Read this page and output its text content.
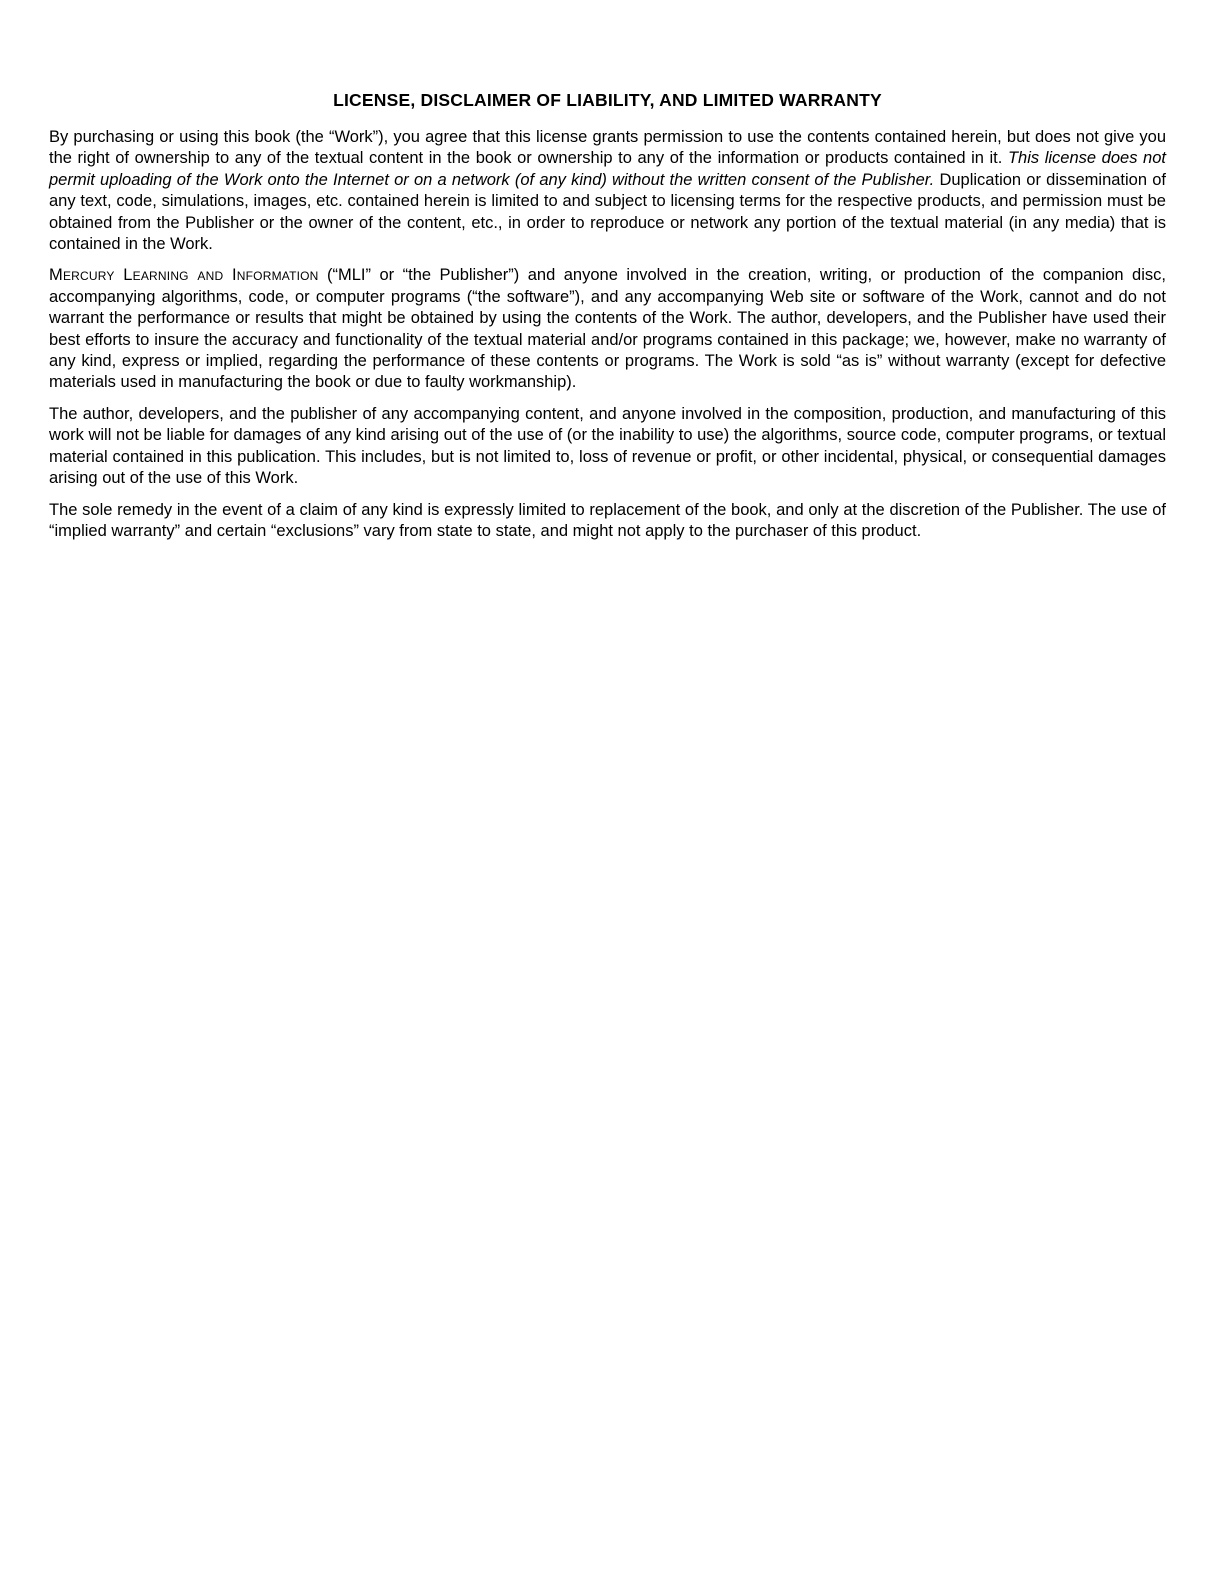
LICENSE, DISCLAIMER OF LIABILITY, AND LIMITED WARRANTY

By purchasing or using this book (the “Work”), you agree that this license grants permission to use the contents contained herein, but does not give you the right of ownership to any of the textual content in the book or ownership to any of the information or products contained in it. This license does not permit uploading of the Work onto the Internet or on a network (of any kind) without the written consent of the Publisher. Duplication or dissemination of any text, code, simulations, images, etc. contained herein is limited to and subject to licensing terms for the respective products, and permission must be obtained from the Publisher or the owner of the content, etc., in order to reproduce or network any portion of the textual material (in any media) that is contained in the Work.

Mercury Learning and Information (“MLI” or “the Publisher”) and anyone involved in the creation, writing, or production of the companion disc, accompanying algorithms, code, or computer programs (“the software”), and any accompanying Web site or software of the Work, cannot and do not warrant the performance or results that might be obtained by using the contents of the Work. The author, developers, and the Publisher have used their best efforts to insure the accuracy and functionality of the textual material and/or programs contained in this package; we, however, make no warranty of any kind, express or implied, regarding the performance of these contents or programs. The Work is sold “as is” without warranty (except for defective materials used in manufacturing the book or due to faulty workmanship).

The author, developers, and the publisher of any accompanying content, and anyone involved in the composition, production, and manufacturing of this work will not be liable for damages of any kind arising out of the use of (or the inability to use) the algorithms, source code, computer programs, or textual material contained in this publication. This includes, but is not limited to, loss of revenue or profit, or other incidental, physical, or consequential damages arising out of the use of this Work.

The sole remedy in the event of a claim of any kind is expressly limited to replacement of the book, and only at the discretion of the Publisher. The use of “implied warranty” and certain “exclusions” vary from state to state, and might not apply to the purchaser of this product.
